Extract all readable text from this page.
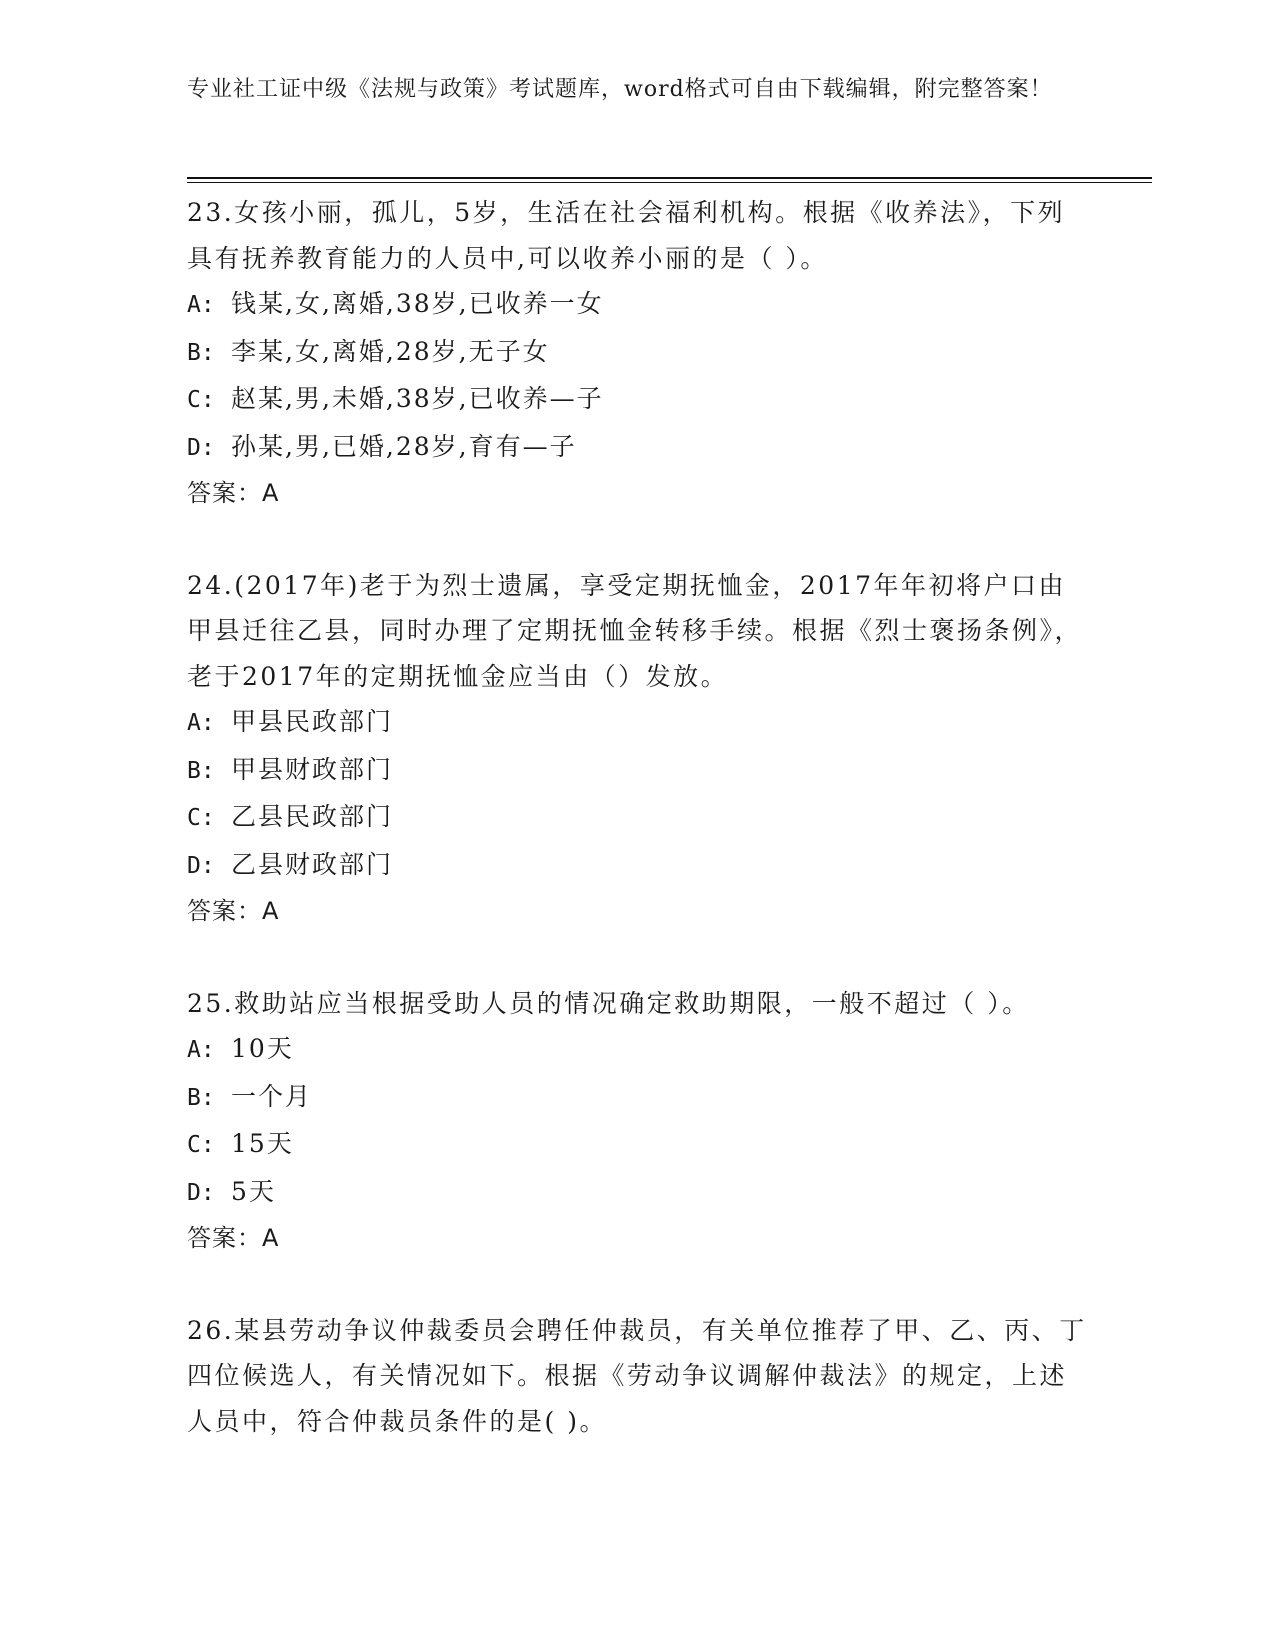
专业社工证中级《法规与政策》考试题库，word格式可自由下载编辑，附完整答案！
23.女孩小丽，孤儿，5岁，生活在社会福利机构。根据《收养法》，下列具有抚养教育能力的人员中,可以收养小丽的是（ ）。
A: 钱某,女,离婚,38岁,已收养一女
B: 李某,女,离婚,28岁,无子女
C: 赵某,男,未婚,38岁,已收养—子
D: 孙某,男,已婚,28岁,育有—子
答案：A
24.(2017年)老于为烈士遗属，享受定期抚恤金，2017年年初将户口由甲县迁往乙县，同时办理了定期抚恤金转移手续。根据《烈士褒扬条例》，老于2017年的定期抚恤金应当由（）发放。
A: 甲县民政部门
B: 甲县财政部门
C: 乙县民政部门
D: 乙县财政部门
答案：A
25.救助站应当根据受助人员的情况确定救助期限，一般不超过（ ）。
A: 10天
B: 一个月
C: 15天
D: 5天
答案：A
26.某县劳动争议仲裁委员会聘任仲裁员，有关单位推荐了甲、乙、丙、丁四位候选人，有关情况如下。根据《劳动争议调解仲裁法》的规定，上述人员中，符合仲裁员条件的是( )。
